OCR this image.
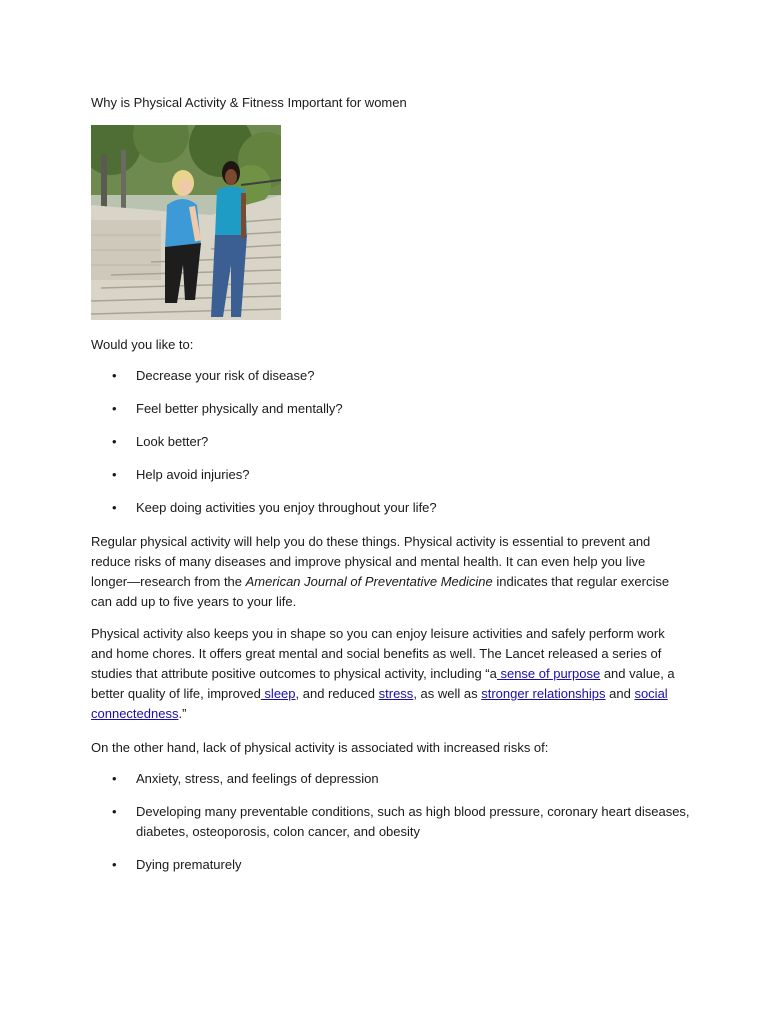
Why is Physical Activity & Fitness Important for women
Would you like to:
• Decrease your risk of disease?
• Feel better physically and mentally?
• Look better?
• Help avoid injuries?
• Keep doing activities you enjoy throughout your life?

Regular physical activity will help you do these things. Physical activity is essential to prevent and reduce risks of many diseases and improve physical and mental health. It can even help you live longer—research from the American Journal of Preventative Medicine indicates that regular exercise can add up to five years to your life.

Physical activity also keeps you in shape so you can enjoy leisure activities and safely perform work and home chores. It offers great mental and social benefits as well. The Lancet released a series of studies that attribute positive outcomes to physical activity, including “a sense of purpose and value, a better quality of life, improved sleep, and reduced stress, as well as stronger relationships and social connectedness.”

On the other hand, lack of physical activity is associated with increased risks of:

• Anxiety, stress, and feelings of depression
• Developing many preventable conditions, such as high blood pressure, coronary heart diseases, diabetes, osteoporosis, colon cancer, and obesity
• Dying prematurely
